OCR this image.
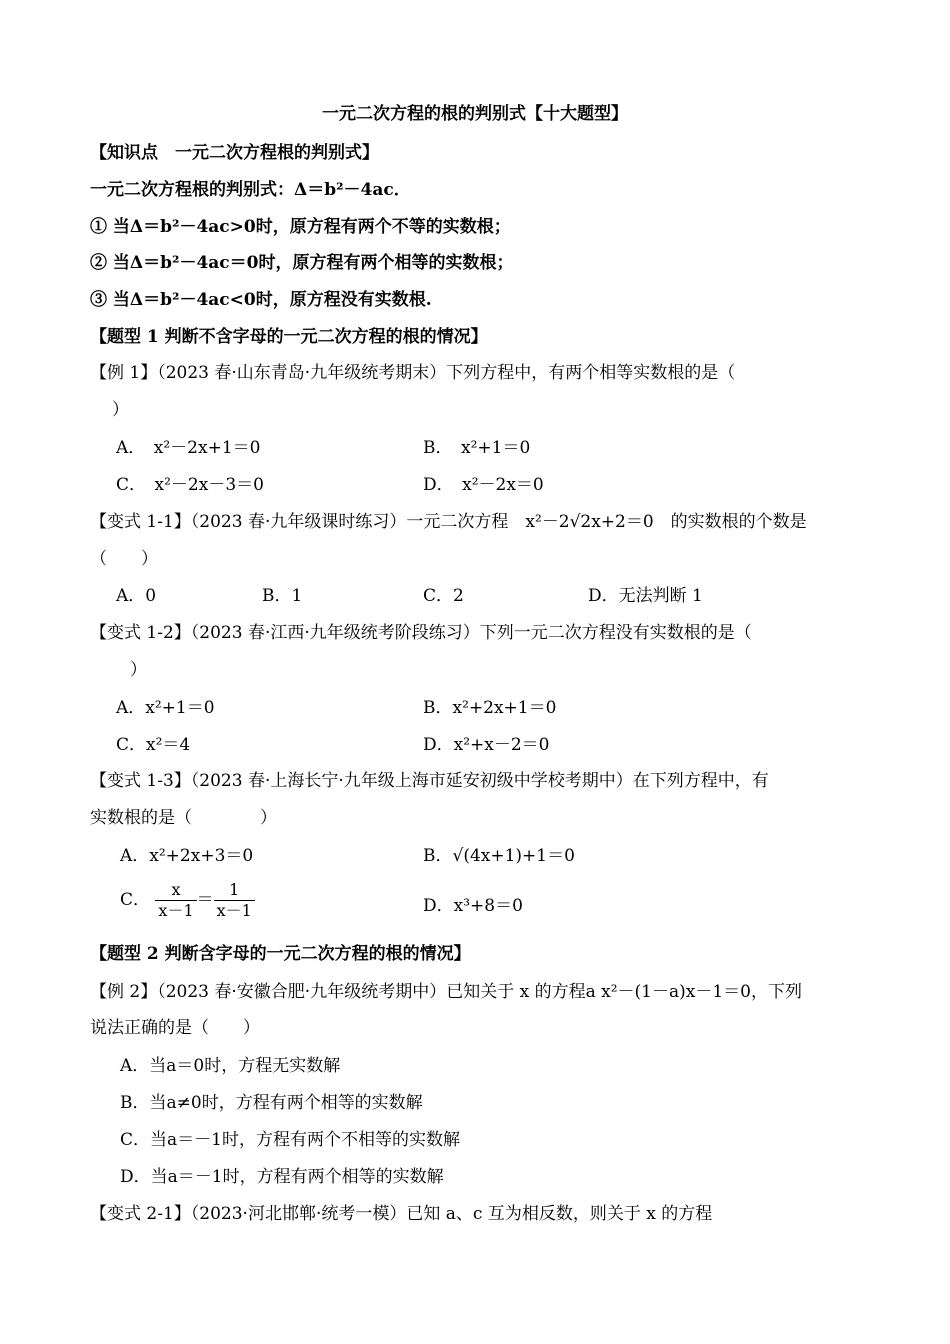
一元二次方程的根的判别式【十大题型】
【知识点　一元二次方程根的判别式】
一元二次方程根的判别式：Δ＝b²－4ac．
① 当Δ＝b²－4ac>0时，原方程有两个不等的实数根；
② 当Δ＝b²－4ac＝0时，原方程有两个相等的实数根；
③ 当Δ＝b²－4ac<0时，原方程没有实数根.
【题型 1 判断不含字母的一元二次方程的根的情况】
【例 1】（2023 春·山东青岛·九年级统考期末）下列方程中，有两个相等实数根的是（
）
A．　x²－2x+1＝0	B．　x²+1＝0
C．　x²－2x－3＝0	D．　x²－2x＝0
【变式 1-1】（2023 春·九年级课时练习）一元二次方程　x²－2√2x+2＝0　的实数根的个数是
（　　）
A．0	B．1	C．2	D．无法判断 1
【变式 1-2】（2023 春·江西·九年级统考阶段练习）下列一元二次方程没有实数根的是（
）
A．x²+1＝0	B．x²+2x+1＝0
C．x²＝4	D．x²+x－2＝0
【变式 1-3】（2023 春·上海长宁·九年级上海市延安初级中学校考期中）在下列方程中，有
实数根的是（　　　　）
A．x²+2x+3＝0	B．√(4x+1)+1＝0
C． $\frac{x}{x-1} = \frac{1}{x-1}$	D．x³+8＝0
【题型 2 判断含字母的一元二次方程的根的情况】
【例 2】（2023 春·安徽合肥·九年级统考期中）已知关于 x 的方程a x²－(1－a)x－1＝0，下列
说法正确的是（　　）
A．当a＝0时，方程无实数解
B．当a≠0时，方程有两个相等的实数解
C．当a＝－1时，方程有两个不相等的实数解
D．当a＝－1时，方程有两个相等的实数解
【变式 2-1】（2023·河北邯郸·统考一模）已知 a、c 互为相反数，则关于 x 的方程
